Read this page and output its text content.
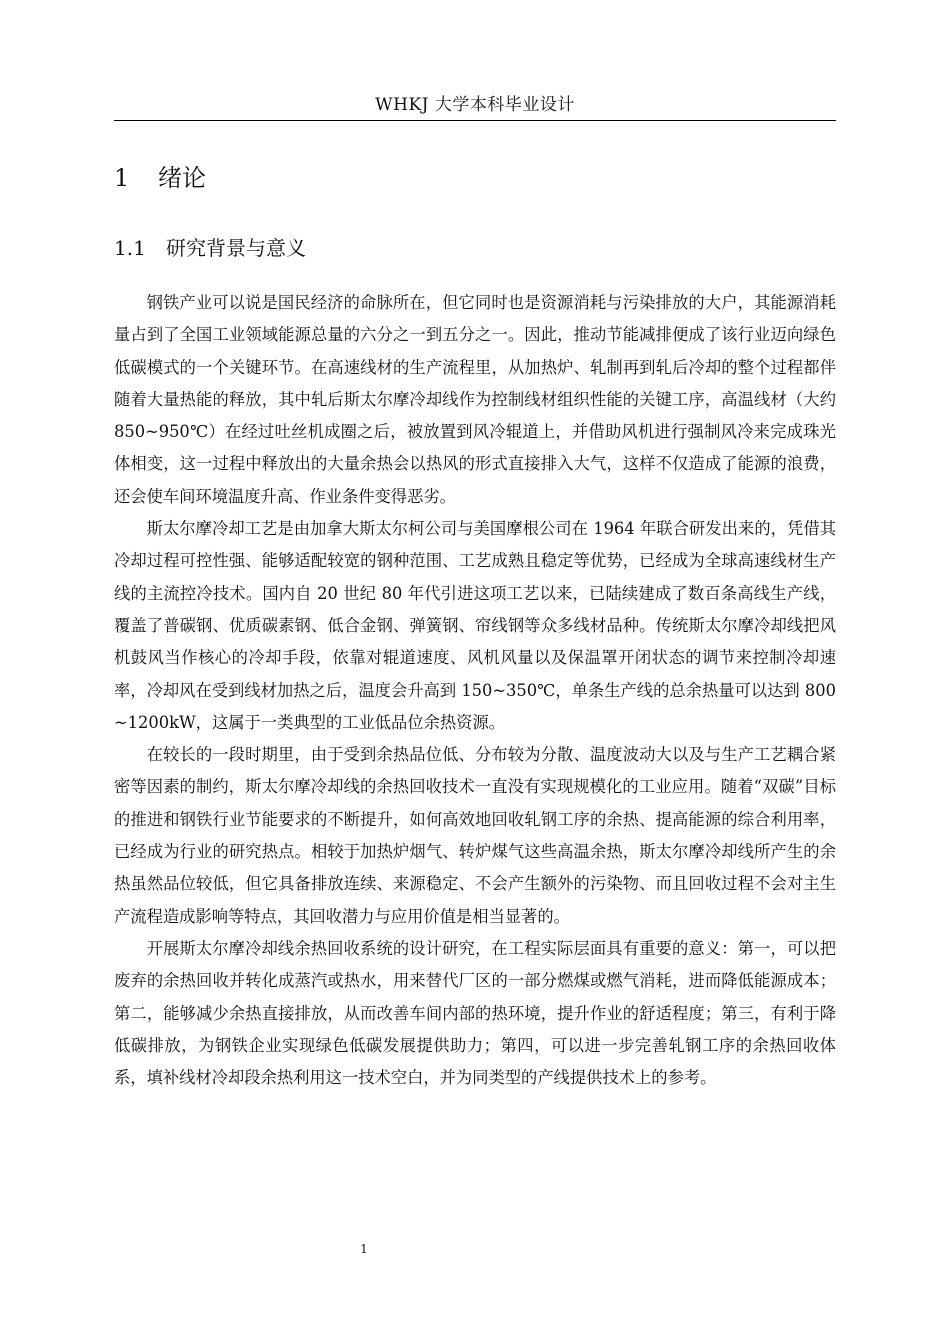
WHKJ 大学本科毕业设计
1 绪论
1.1 研究背景与意义

钢铁产业可以说是国民经济的命脉所在，但它同时也是资源消耗与污染排放的大户，其能源消耗量占到了全国工业领域能源总量的六分之一到五分之一。因此，推动节能减排便成了该行业迈向绿色低碳模式的一个关键环节。在高速线材的生产流程里，从加热炉、轧制再到轧后冷却的整个过程都伴随着大量热能的释放，其中轧后斯太尔摩冷却线作为控制线材组织性能的关键工序，高温线材（大约 850~950℃）在经过吐丝机成圈之后，被放置到风冷辊道上，并借助风机进行强制风冷来完成珠光体相变，这一过程中释放出的大量余热会以热风的形式直接排入大气，这样不仅造成了能源的浪费，还会使车间环境温度升高、作业条件变得恶劣。

斯太尔摩冷却工艺是由加拿大斯太尔柯公司与美国摩根公司在 1964 年联合研发出来的，凭借其冷却过程可控性强、能够适配较宽的钢种范围、工艺成熟且稳定等优势，已经成为全球高速线材生产线的主流控冷技术。国内自 20 世纪 80 年代引进这项工艺以来，已陆续建成了数百条高线生产线，覆盖了普碳钢、优质碳素钢、低合金钢、弹簧钢、帘线钢等众多线材品种。传统斯太尔摩冷却线把风机鼓风当作核心的冷却手段，依靠对辊道速度、风机风量以及保温罩开闭状态的调节来控制冷却速率，冷却风在受到线材加热之后，温度会升高到 150~350℃，单条生产线的总余热量可以达到 800~1200kW，这属于一类典型的工业低品位余热资源。

在较长的一段时期里，由于受到余热品位低、分布较为分散、温度波动大以及与生产工艺耦合紧密等因素的制约，斯太尔摩冷却线的余热回收技术一直没有实现规模化的工业应用。随着“双碳”目标的推进和钢铁行业节能要求的不断提升，如何高效地回收轧钢工序的余热、提高能源的综合利用率，已经成为行业的研究热点。相较于加热炉烟气、转炉煤气这些高温余热，斯太尔摩冷却线所产生的余热虽然品位较低，但它具备排放连续、来源稳定、不会产生额外的污染物、而且回收过程不会对主生产流程造成影响等特点，其回收潜力与应用价值是相当显著的。

开展斯太尔摩冷却线余热回收系统的设计研究，在工程实际层面具有重要的意义：第一，可以把废弃的余热回收并转化成蒸汽或热水，用来替代厂区的一部分燃煤或燃气消耗，进而降低能源成本；第二，能够减少余热直接排放，从而改善车间内部的热环境，提升作业的舒适程度；第三，有利于降低碳排放，为钢铁企业实现绿色低碳发展提供助力；第四，可以进一步完善轧钢工序的余热回收体系，填补线材冷却段余热利用这一技术空白，并为同类型的产线提供技术上的参考。

1
